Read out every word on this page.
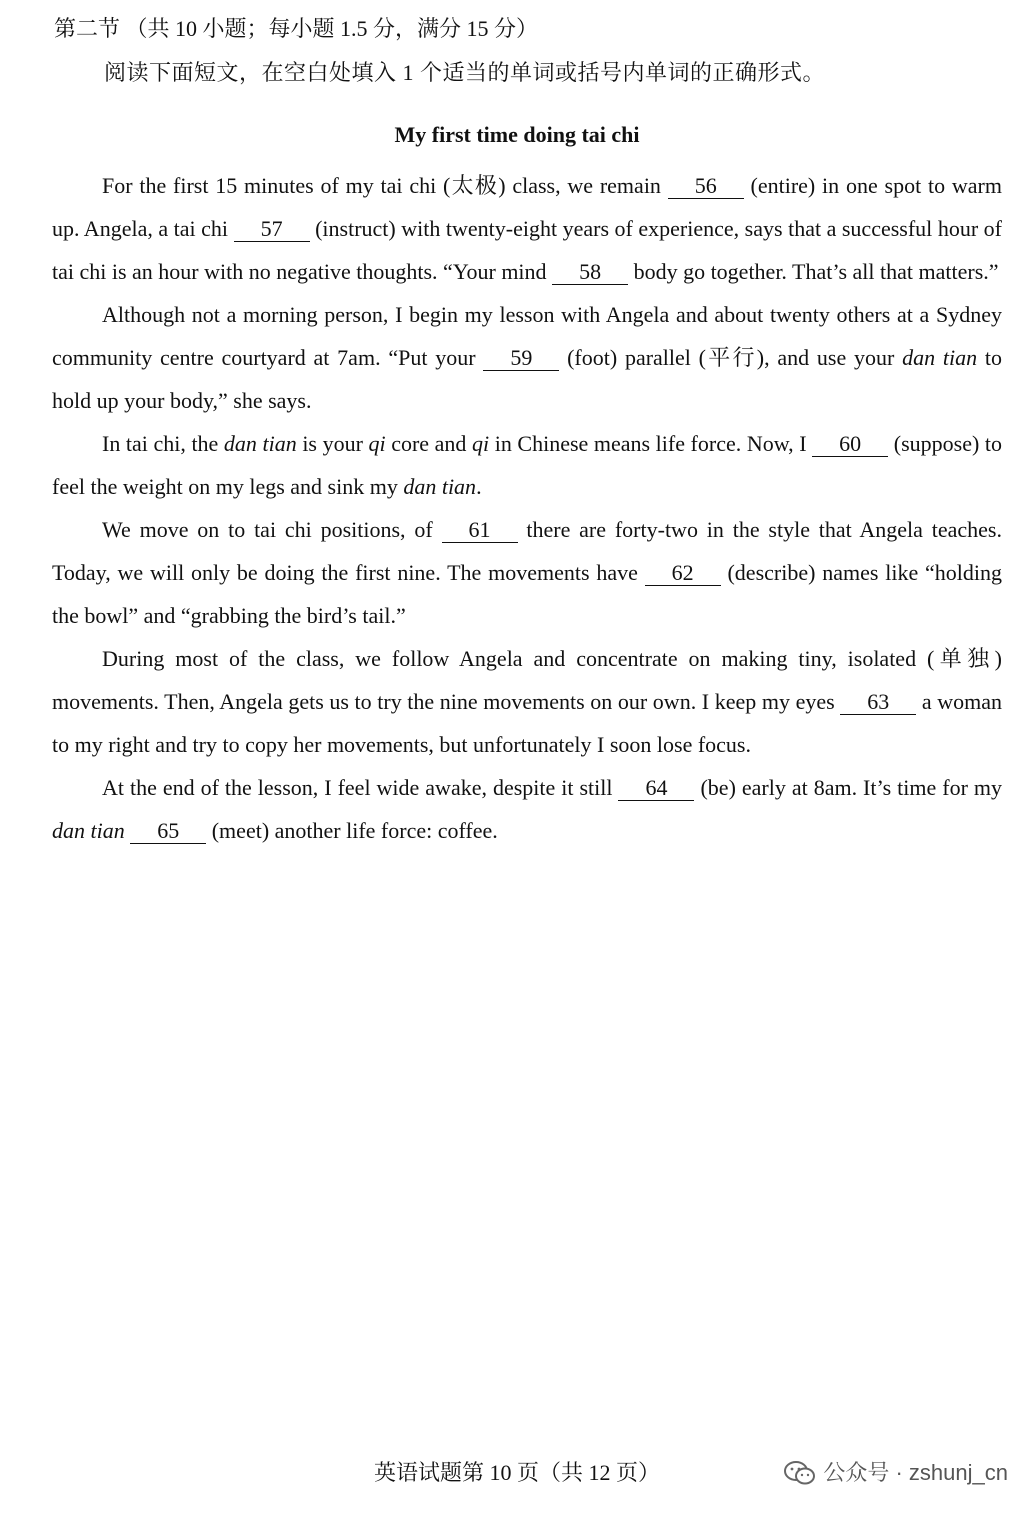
第二节 （共 10 小题；每小题 1.5 分，满分 15 分）
阅读下面短文，在空白处填入 1 个适当的单词或括号内单词的正确形式。
My first time doing tai chi

For the first 15 minutes of my tai chi (太极) class, we remain 56 (entire) in one spot to warm up. Angela, a tai chi 57 (instruct) with twenty-eight years of experience, says that a successful hour of tai chi is an hour with no negative thoughts. “Your mind 58 body go together. That’s all that matters.”

Although not a morning person, I begin my lesson with Angela and about twenty others at a Sydney community centre courtyard at 7am. “Put your 59 (foot) parallel (平行), and use your dan tian to hold up your body,” she says.

In tai chi, the dan tian is your qi core and qi in Chinese means life force. Now, I 60 (suppose) to feel the weight on my legs and sink my dan tian.

We move on to tai chi positions, of 61 there are forty-two in the style that Angela teaches. Today, we will only be doing the first nine. The movements have 62 (describe) names like “holding the bowl” and “grabbing the bird’s tail.”

During most of the class, we follow Angela and concentrate on making tiny, isolated (单独) movements. Then, Angela gets us to try the nine movements on our own. I keep my eyes 63 a woman to my right and try to copy her movements, but unfortunately I soon lose focus.

At the end of the lesson, I feel wide awake, despite it still 64 (be) early at 8am. It’s time for my dan tian 65 (meet) another life force: coffee.

英语试题第 10 页（共 12 页）	公众号 · zshunj_cn
